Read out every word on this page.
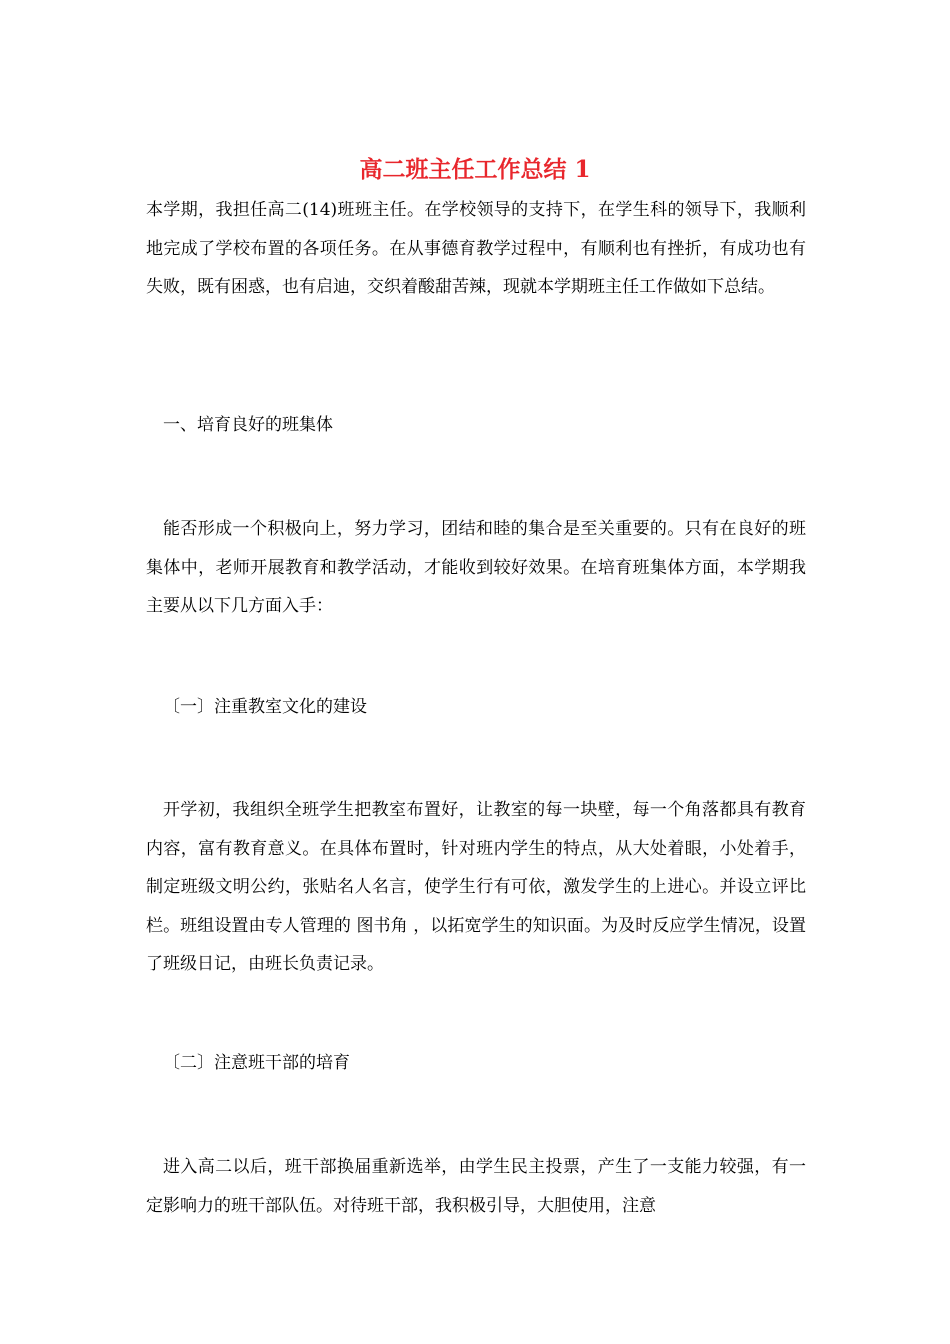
高二班主任工作总结 1

本学期，我担任高二(14)班班主任。在学校领导的支持下，在学生科的领导下，我顺利地完成了学校布置的各项任务。在从事德育教学过程中，有顺利也有挫折，有成功也有失败，既有困惑，也有启迪，交织着酸甜苦辣，现就本学期班主任工作做如下总结。

一、培育良好的班集体

能否形成一个积极向上，努力学习，团结和睦的集合是至关重要的。只有在良好的班集体中，老师开展教育和教学活动，才能收到较好效果。在培育班集体方面，本学期我主要从以下几方面入手：

〔一〕注重教室文化的建设

开学初，我组织全班学生把教室布置好，让教室的每一块壁，每一个角落都具有教育内容，富有教育意义。在具体布置时，针对班内学生的特点，从大处着眼，小处着手，制定班级文明公约，张贴名人名言，使学生行有可依，激发学生的上进心。并设立评比栏。班组设置由专人管理的 图书角 ，以拓宽学生的知识面。为及时反应学生情况，设置了班级日记，由班长负责记录。

〔二〕注意班干部的培育

进入高二以后，班干部换届重新选举，由学生民主投票，产生了一支能力较强，有一定影响力的班干部队伍。对待班干部，我积极引导，大胆使用，注意
